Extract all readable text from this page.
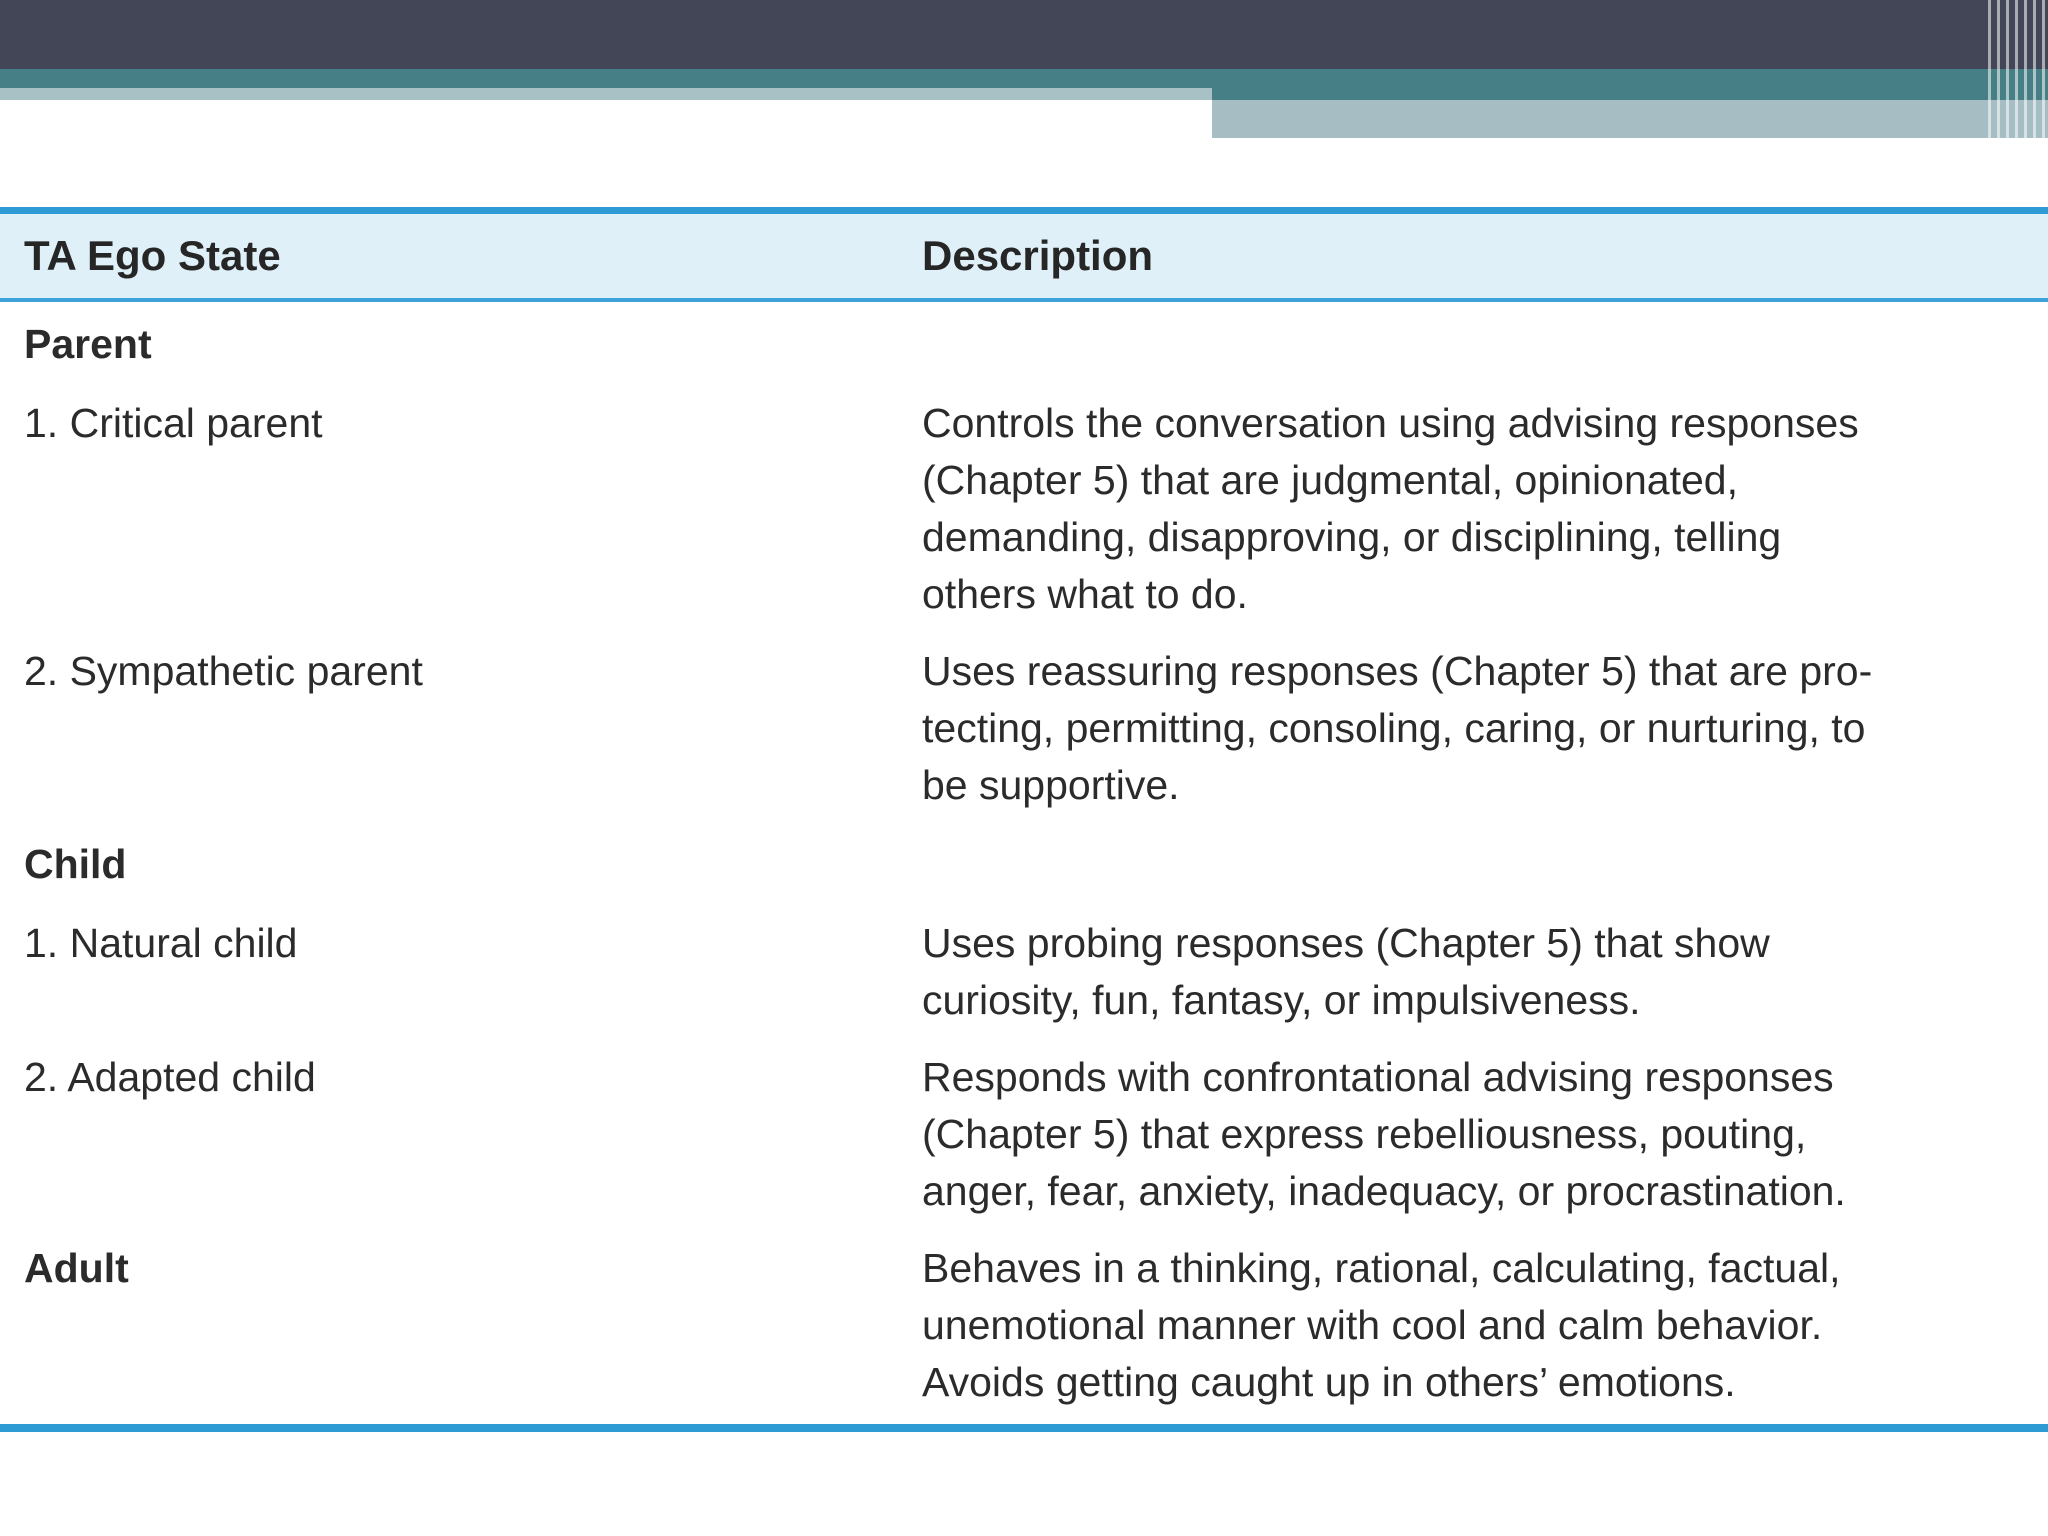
TA Ego State	Description
Parent
1. Critical parent	Controls the conversation using advising responses (Chapter 5) that are judgmental, opinionated, demanding, disapproving, or disciplining, telling others what to do.
2. Sympathetic parent	Uses reassuring responses (Chapter 5) that are pro-tecting, permitting, consoling, caring, or nurturing, to be supportive.
Child
1. Natural child	Uses probing responses (Chapter 5) that show curiosity, fun, fantasy, or impulsiveness.
2. Adapted child	Responds with confrontational advising responses (Chapter 5) that express rebelliousness, pouting, anger, fear, anxiety, inadequacy, or procrastination.
Adult	Behaves in a thinking, rational, calculating, factual, unemotional manner with cool and calm behavior. Avoids getting caught up in others’ emotions.
